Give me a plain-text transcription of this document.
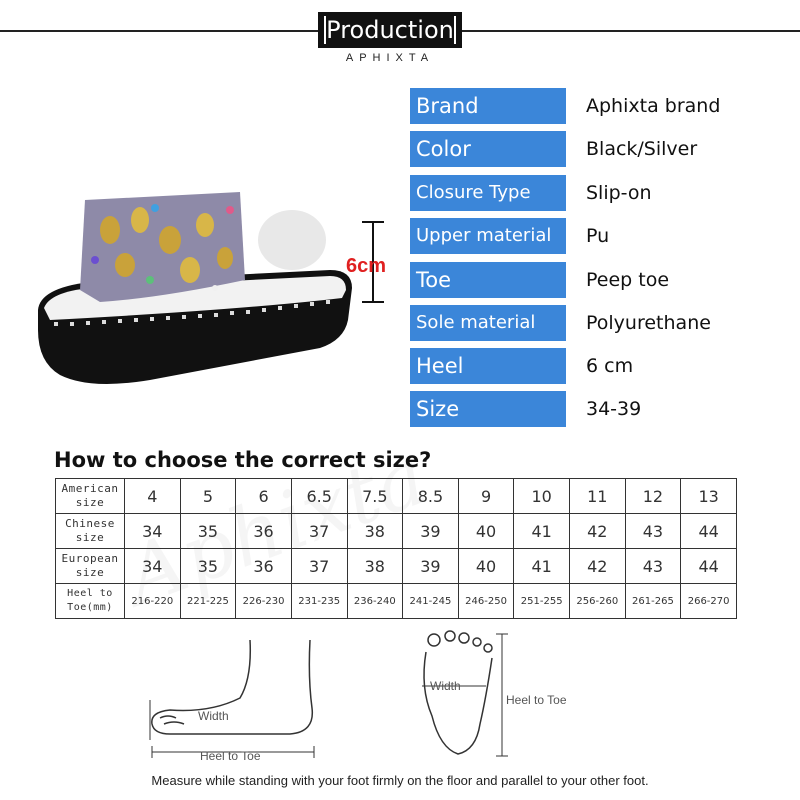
Production
APHIXTA
6cm
Brand	Aphixta brand
Color	Black/Silver
Closure Type	Slip-on
Upper material	Pu
Toe	Peep toe
Sole material	Polyurethane
Heel	6 cm
Size	34-39
How to choose the correct size?
American
size	4	5	6	6.5	7.5	8.5	9	10	11	12	13
Chinese
size	34	35	36	37	38	39	40	41	42	43	44
European
size	34	35	36	37	38	39	40	41	42	43	44
Heel to
Toe(mm)	216-220	221-225	226-230	231-235	236-240	241-245	246-250	251-255	256-260	261-265	266-270
Width
Heel to Toe
Width
Heel to Toe
Measure while standing with your foot firmly on the floor and parallel to your other foot.
